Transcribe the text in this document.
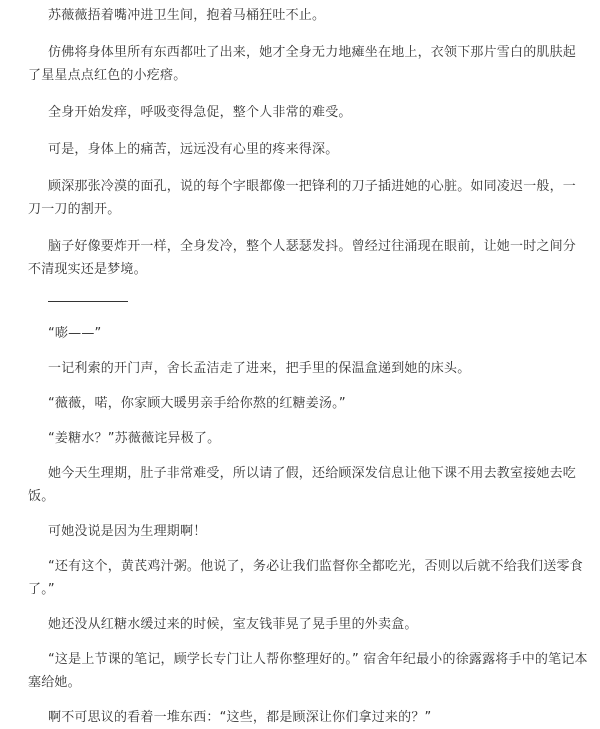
苏薇薇捂着嘴冲进卫生间，抱着马桶狂吐不止。

仿佛将身体里所有东西都吐了出来，她才全身无力地瘫坐在地上，衣领下那片雪白的肌肤起了星星点点红色的小疙瘩。

全身开始发痒，呼吸变得急促，整个人非常的难受。

可是，身体上的痛苦，远远没有心里的疼来得深。

顾深那张冷漠的面孔，说的每个字眼都像一把锋利的刀子插进她的心脏。如同凌迟一般，一刀一刀的割开。

脑子好像要炸开一样，全身发冷，整个人瑟瑟发抖。曾经过往涌现在眼前，让她一时之间分不清现实还是梦境。

“嘭——”

一记利索的开门声，舍长孟洁走了进来，把手里的保温盒递到她的床头。

“薇薇，喏，你家顾大暖男亲手给你熬的红糖姜汤。”

“姜糖水？”苏薇薇诧异极了。

她今天生理期，肚子非常难受，所以请了假，还给顾深发信息让他下课不用去教室接她去吃饭。

可她没说是因为生理期啊！

“还有这个，黄芪鸡汁粥。他说了，务必让我们监督你全都吃光，否则以后就不给我们送零食了。”

她还没从红糖水缓过来的时候，室友钱菲晃了晃手里的外卖盒。

“这是上节课的笔记，顾学长专门让人帮你整理好的。” 宿舍年纪最小的徐露露将手中的笔记本塞给她。

啊不可思议的看着一堆东西：“这些，都是顾深让你们拿过来的？”
